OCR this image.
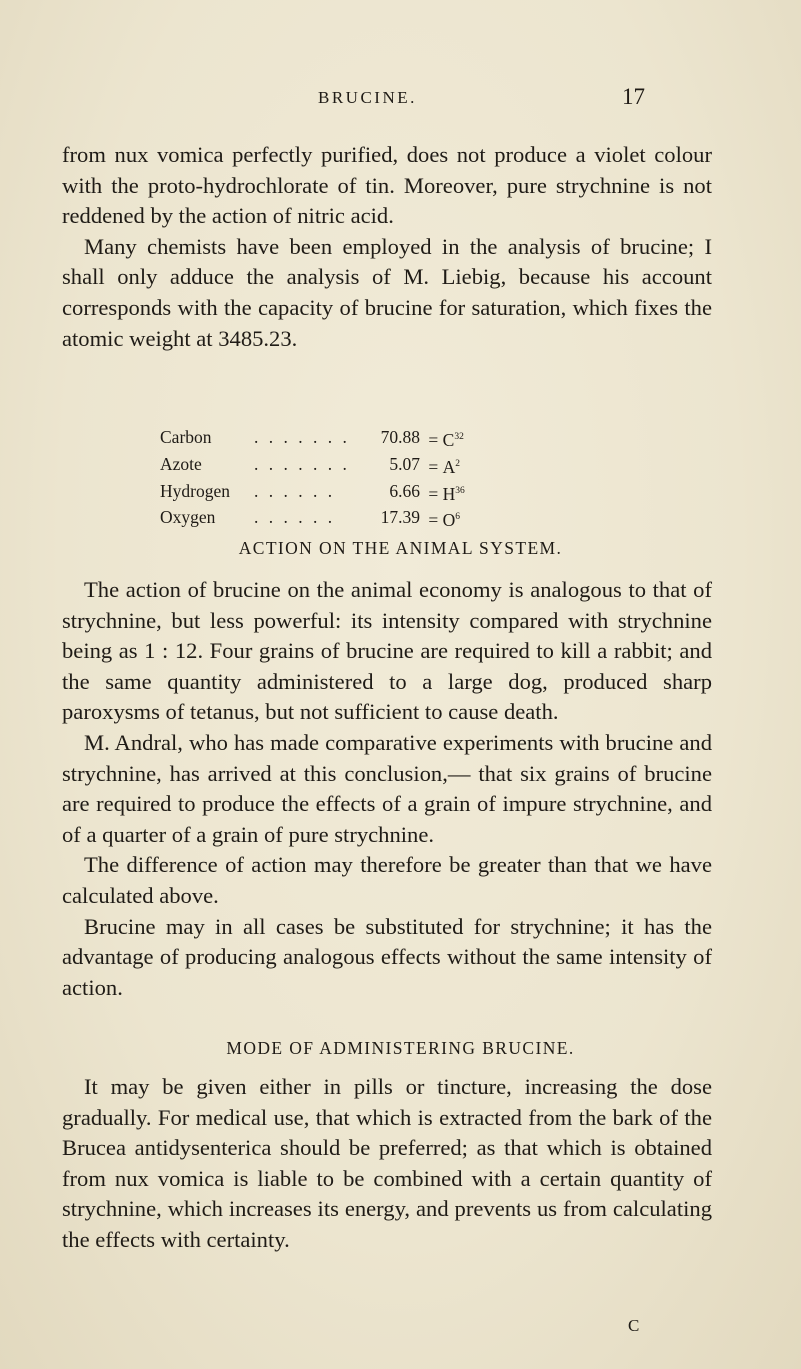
BRUCINE.	17

from nux vomica perfectly purified, does not produce a violet colour with the proto-hydrochlorate of tin. Moreover, pure strychnine is not reddened by the action of nitric acid.

Many chemists have been employed in the analysis of brucine; I shall only adduce the analysis of M. Liebig, because his account corresponds with the capacity of brucine for saturation, which fixes the atomic weight at 3485.23.

Carbon	. . . . . . .	$70.88 = C^{32}$
Azote	. . . . . . .	$5.07 = A^2$
Hydrogen	. . . . . .	$6.66 = H^{36}$
Oxygen	. . . . . .	$17.39 = O^6$
ACTION ON THE ANIMAL SYSTEM.

The action of brucine on the animal economy is analogous to that of strychnine, but less powerful: its intensity compared with strychnine being as 1 : 12. Four grains of brucine are required to kill a rabbit; and the same quantity administered to a large dog, produced sharp paroxysms of tetanus, but not sufficient to cause death.

M. Andral, who has made comparative experiments with brucine and strychnine, has arrived at this conclusion,— that six grains of brucine are required to produce the effects of a grain of impure strychnine, and of a quarter of a grain of pure strychnine.

The difference of action may therefore be greater than that we have calculated above.

Brucine may in all cases be substituted for strychnine; it has the advantage of producing analogous effects without the same intensity of action.

MODE OF ADMINISTERING BRUCINE.

It may be given either in pills or tincture, increasing the dose gradually. For medical use, that which is extracted from the bark of the Brucea antidysenterica should be preferred; as that which is obtained from nux vomica is liable to be combined with a certain quantity of strychnine, which increases its energy, and prevents us from calculating the effects with certainty.

C
